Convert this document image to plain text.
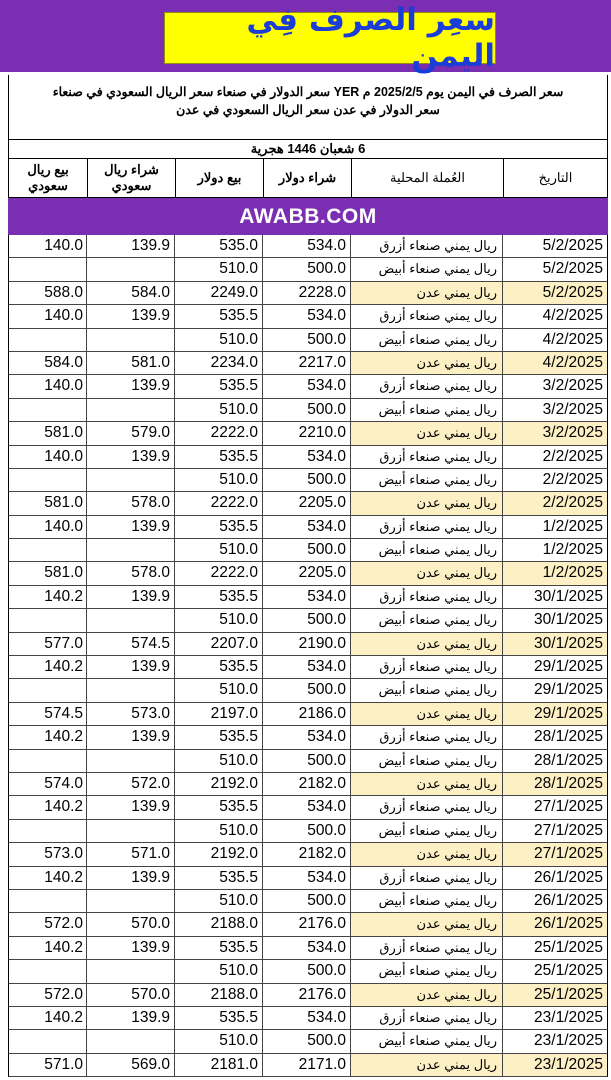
سعِر الصرف فِي اليمن

سعر الصرف في اليمن يوم 2025/2/5 م YER سعر الدولار في صنعاء سعر الريال السعودي في صنعاء

سعر الدولار في عدن سعر الريال السعودي في عدن

6 شعبان 1446 هجرية
التاريخ
العُملة المحلية
شراء دولار
بيع دولار
شراء ريال سعودي
بيع ريال سعودي
AWABB.COM
5/2/2025
ريال يمني صنعاء أزرق
534.0
535.0
139.9
140.0
5/2/2025
ريال يمني صنعاء أبيض
500.0
510.0
5/2/2025
ريال يمني عدن
2228.0
2249.0
584.0
588.0
4/2/2025
ريال يمني صنعاء أزرق
534.0
535.5
139.9
140.0
4/2/2025
ريال يمني صنعاء أبيض
500.0
510.0
4/2/2025
ريال يمني عدن
2217.0
2234.0
581.0
584.0
3/2/2025
ريال يمني صنعاء أزرق
534.0
535.5
139.9
140.0
3/2/2025
ريال يمني صنعاء أبيض
500.0
510.0
3/2/2025
ريال يمني عدن
2210.0
2222.0
579.0
581.0
2/2/2025
ريال يمني صنعاء أزرق
534.0
535.5
139.9
140.0
2/2/2025
ريال يمني صنعاء أبيض
500.0
510.0
2/2/2025
ريال يمني عدن
2205.0
2222.0
578.0
581.0
1/2/2025
ريال يمني صنعاء أزرق
534.0
535.5
139.9
140.0
1/2/2025
ريال يمني صنعاء أبيض
500.0
510.0
1/2/2025
ريال يمني عدن
2205.0
2222.0
578.0
581.0
30/1/2025
ريال يمني صنعاء أزرق
534.0
535.5
139.9
140.2
30/1/2025
ريال يمني صنعاء أبيض
500.0
510.0
30/1/2025
ريال يمني عدن
2190.0
2207.0
574.5
577.0
29/1/2025
ريال يمني صنعاء أزرق
534.0
535.5
139.9
140.2
29/1/2025
ريال يمني صنعاء أبيض
500.0
510.0
29/1/2025
ريال يمني عدن
2186.0
2197.0
573.0
574.5
28/1/2025
ريال يمني صنعاء أزرق
534.0
535.5
139.9
140.2
28/1/2025
ريال يمني صنعاء أبيض
500.0
510.0
28/1/2025
ريال يمني عدن
2182.0
2192.0
572.0
574.0
27/1/2025
ريال يمني صنعاء أزرق
534.0
535.5
139.9
140.2
27/1/2025
ريال يمني صنعاء أبيض
500.0
510.0
27/1/2025
ريال يمني عدن
2182.0
2192.0
571.0
573.0
26/1/2025
ريال يمني صنعاء أزرق
534.0
535.5
139.9
140.2
26/1/2025
ريال يمني صنعاء أبيض
500.0
510.0
26/1/2025
ريال يمني عدن
2176.0
2188.0
570.0
572.0
25/1/2025
ريال يمني صنعاء أزرق
534.0
535.5
139.9
140.2
25/1/2025
ريال يمني صنعاء أبيض
500.0
510.0
25/1/2025
ريال يمني عدن
2176.0
2188.0
570.0
572.0
23/1/2025
ريال يمني صنعاء أزرق
534.0
535.5
139.9
140.2
23/1/2025
ريال يمني صنعاء أبيض
500.0
510.0
23/1/2025
ريال يمني عدن
2171.0
2181.0
569.0
571.0
